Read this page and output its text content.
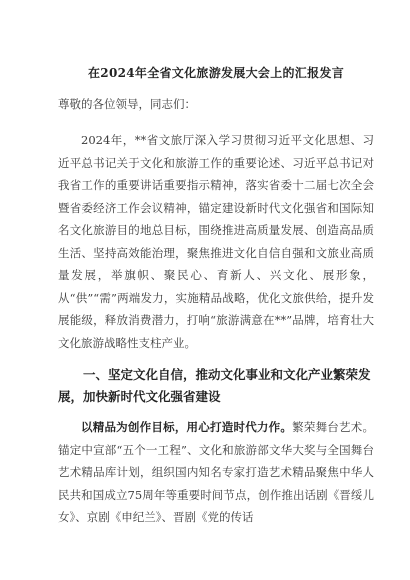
在2024年全省文化旅游发展大会上的汇报发言

尊敬的各位领导，同志们：

2024年，**省文旅厅深入学习贯彻习近平文化思想、习近平总书记关于文化和旅游工作的重要论述、习近平总书记对我省工作的重要讲话重要指示精神，落实省委十二届七次全会暨省委经济工作会议精神，锚定建设新时代文化强省和国际知名文化旅游目的地总目标，围绕推进高质量发展、创造高品质生活、坚持高效能治理，聚焦推进文化自信自强和文旅业高质量发展，举旗帜、聚民心、育新人、兴文化、展形象，从“供”“需”两端发力，实施精品战略，优化文旅供给，提升发展能级，释放消费潜力，打响“旅游满意在**”品牌，培育壮大文化旅游战略性支柱产业。

一、坚定文化自信，推动文化事业和文化产业繁荣发展，加快新时代文化强省建设

以精品为创作目标，用心打造时代力作。繁荣舞台艺术。锚定中宣部“五个一工程”、文化和旅游部文华大奖与全国舞台艺术精品库计划，组织国内知名专家打造艺术精品聚焦中华人民共和国成立75周年等重要时间节点，创作推出话剧《晋绥儿女》、京剧《申纪兰》、晋剧《党的传话
